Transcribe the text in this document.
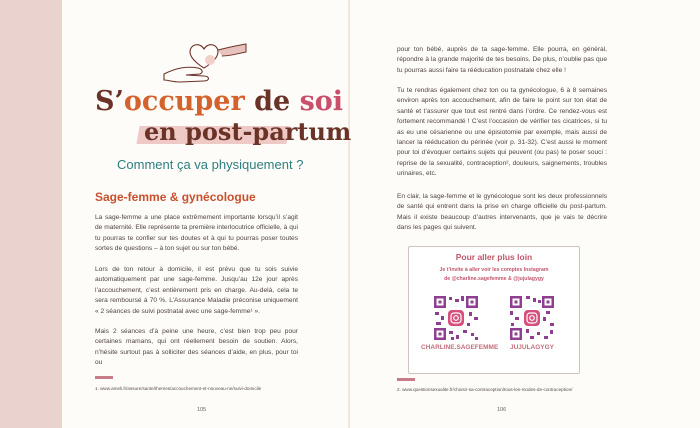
S’occuper de soi
en post-partum
Comment ça va physiquement ?
Sage-femme & gynécologue

La sage-femme a une place extrêmement importante lorsqu’il s’agit de maternité. Elle représente ta première interlocutrice officielle, à qui tu pourras te confier sur tes doutes et à qui tu pourras poser toutes sortes de questions – à ton sujet ou sur ton bébé.

Lors de ton retour à domicile, il est prévu que tu sois suivie automatiquement par une sage-femme. Jusqu’au 12e jour après l’accouchement, c’est entièrement pris en charge. Au-delà, cela te sera remboursé à 70 %. L’Assurance Maladie préconise uniquement « 2 séances de suivi postnatal avec une sage-femme¹ ».

Mais 2 séances d’à peine une heure, c’est bien trop peu pour certaines mamans, qui ont réellement besoin de soutien. Alors, n’hésite surtout pas à solliciter des séances d’aide, en plus, pour toi ou

1. www.ameli.fr/assure/sante/themes/accouchement-et-nouveau-ne/suivi-domicile
105

pour ton bébé, auprès de ta sage-femme. Elle pourra, en général, répondre à la grande majorité de tes besoins. De plus, n’oublie pas que tu pourras aussi faire ta rééducation postnatale chez elle !

Tu te rendras également chez ton ou ta gynécologue, 6 à 8 semaines environ après ton accouchement, afin de faire le point sur ton état de santé et t’assurer que tout est rentré dans l’ordre. Ce rendez-vous est fortement recommandé ! C’est l’occasion de vérifier tes cicatrices, si tu as eu une césarienne ou une épisiotomie par exemple, mais aussi de lancer la rééducation du périnée (voir p. 31-32). C’est aussi le moment pour toi d’évoquer certains sujets qui peuvent (ou pas) te poser souci : reprise de la sexualité, contraception², douleurs, saignements, troubles urinaires, etc.

En clair, la sage-femme et le gynécologue sont les deux professionnels de santé qui entrent dans la prise en charge officielle du post-partum. Mais il existe beaucoup d’autres intervenants, que je vais te décrire dans les pages qui suivent.

Pour aller plus loin
Je t’invite à aller voir les comptes Instagram
de @charline.sagefemme & @jujulagygy
CHARLINE.SAGEFEMME	JUJULAGYGY
2. www.questionsexualite.fr/choisir-sa-contraception/tous-les-modes-de-contraception/
106
